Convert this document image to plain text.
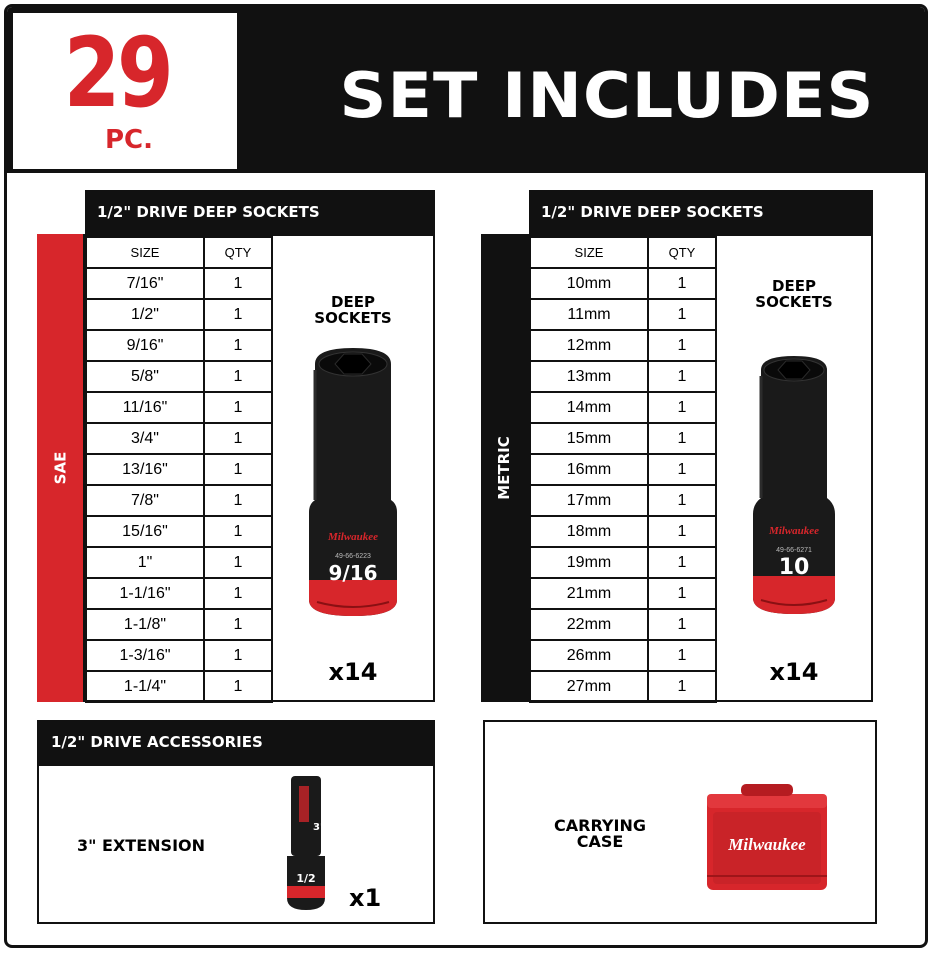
29
PC.
SET INCLUDES
1/2" DRIVE DEEP SOCKETS
SAE
SIZE	QTY
7/16"	1
1/2"	1
9/16"	1
5/8"	1
11/16"	1
3/4"	1
13/16"	1
7/8"	1
15/16"	1
1"	1
1-1/16"	1
1-1/8"	1
1-3/16"	1
1-1/4"	1
DEEP
SOCKETS
Milwaukee
49-66-6223
9/16
x14
1/2" DRIVE DEEP SOCKETS
METRIC
SIZE	QTY
10mm	1
11mm	1
12mm	1
13mm	1
14mm	1
15mm	1
16mm	1
17mm	1
18mm	1
19mm	1
21mm	1
22mm	1
26mm	1
27mm	1
DEEP
SOCKETS
Milwaukee
49-66-6271
10
x14
1/2" DRIVE ACCESSORIES
3" EXTENSION
3"
1/2
x1
CARRYING
CASE	Milwaukee
